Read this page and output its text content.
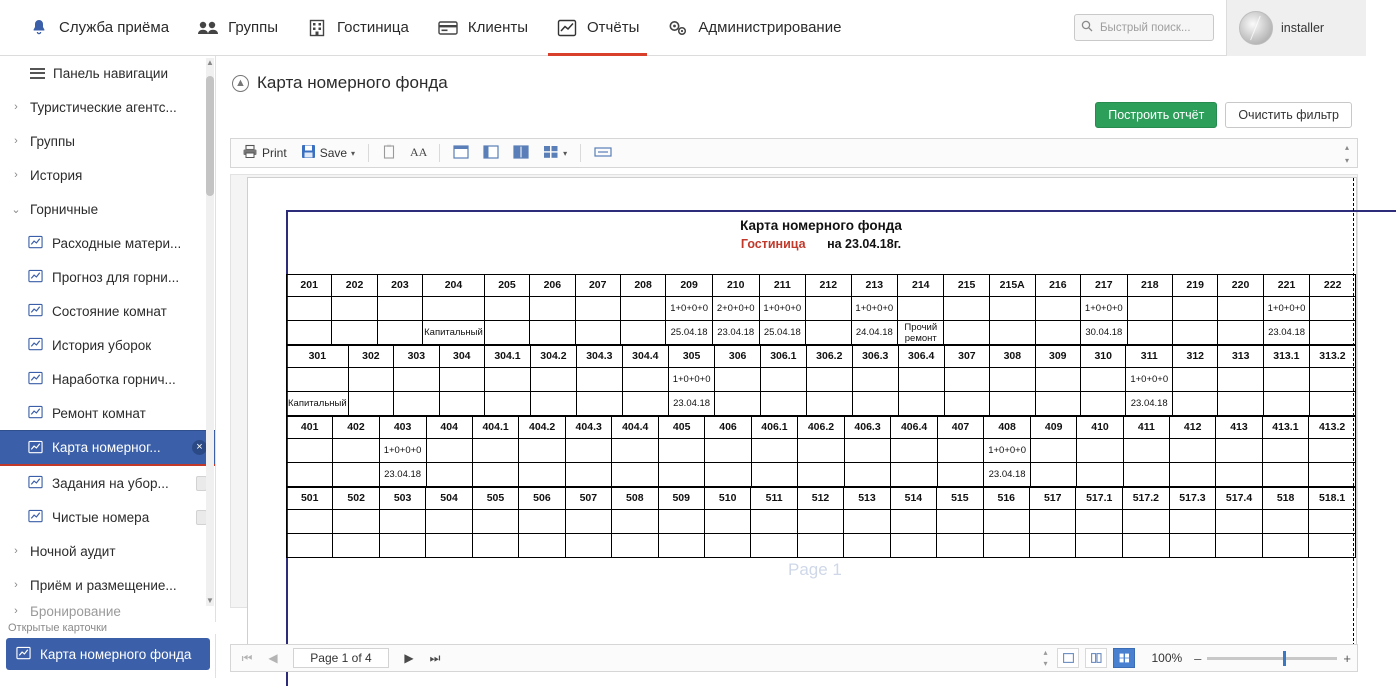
Служба приёма	Группы	Гостиница	Клиенты	Отчёты	Администрирование
Быстрый поиск...	installer
Панель навигации
› Туристические агентс...
› Группы
› История
⌄ Горничные
Расходные матери...
Прогноз для горни...
Состояние комнат
История уборок
Наработка горнич...
Ремонт комнат
Карта номерног...	×
Задания на убор...
Чистые номера
› Ночной аудит
› Приём и размещение...
› Бронирование
▲
▼
Открытые карточки
Карта номерного фонда
▲ Карта номерного фонда
Построить отчёт	Очистить фильтр
Print	Save ▾	AA	▾
▴
▾
Карта номерного фонда
Гостиница на 23.04.18г.
201	202	203	204	205	206	207	208	209	210	211	212	213	214	215	215A	216	217	218	219	220	221	222
								1+0+0+0	2+0+0+0	1+0+0+0		1+0+0+0					1+0+0+0				1+0+0+0	
			Капитальный					25.04.18	23.04.18	25.04.18		24.04.18	Прочий ремонт				30.04.18				23.04.18	
301	302	303	304	304.1	304.2	304.3	304.4	305	306	306.1	306.2	306.3	306.4	307	308	309	310	311	312	313	313.1	313.2
								1+0+0+0										1+0+0+0				
Капитальный								23.04.18										23.04.18				
401	402	403	404	404.1	404.2	404.3	404.4	405	406	406.1	406.2	406.3	406.4	407	408	409	410	411	412	413	413.1	413.2
		1+0+0+0													1+0+0+0							
		23.04.18													23.04.18							
501	502	503	504	505	506	507	508	509	510	511	512	513	514	515	516	517	517.1	517.2	517.3	517.4	518	518.1

Page 1
⏮	◀	Page 1 of 4	▶	⏭	▴
▾	100% –	+
